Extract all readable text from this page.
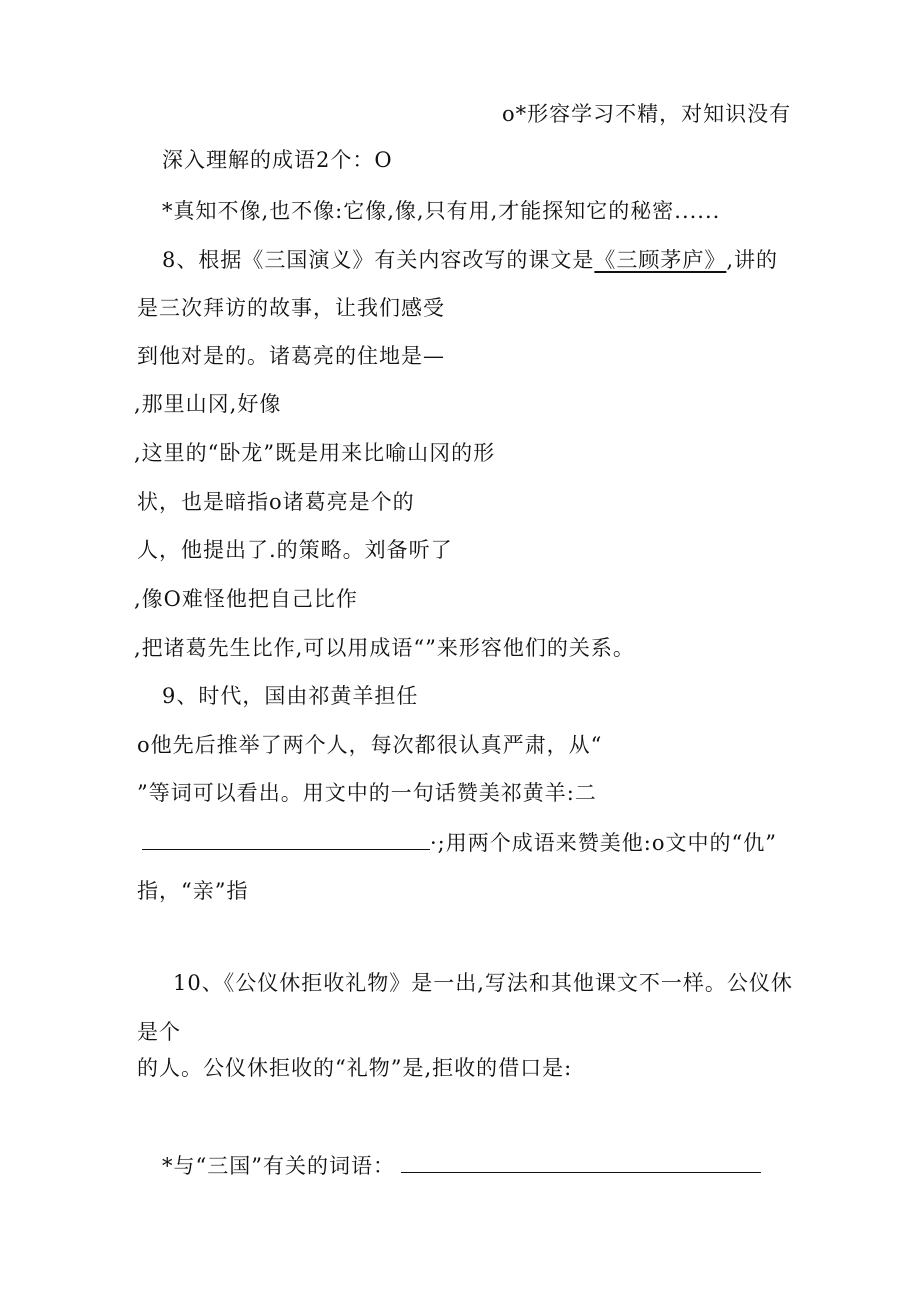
o*形容学习不精，对知识没有
深入理解的成语2个：O
*真知不像,也不像:它像,像,只有用,才能探知它的秘密......
8、根据《三国演义》有关内容改写的课文是《三顾茅庐》,讲的
是三次拜访的故事，让我们感受
到他对是的。诸葛亮的住地是—
,那里山冈,好像
,这里的“卧龙”既是用来比喻山冈的形
状，也是暗指o诸葛亮是个的
人，他提出了.的策略。刘备听了
,像O难怪他把自己比作
,把诸葛先生比作,可以用成语“”来形容他们的关系。
9、时代，国由祁黄羊担任
o他先后推举了两个人，每次都很认真严肃，从“
”等词可以看出。用文中的一句话赞美祁黄羊:二
·;用两个成语来赞美他:o文中的“仇”
指，“亲”指
10、《公仪休拒收礼物》是一出,写法和其他课文不一样。公仪休
是个
的人。公仪休拒收的“礼物”是,拒收的借口是:
*与“三国”有关的词语：
